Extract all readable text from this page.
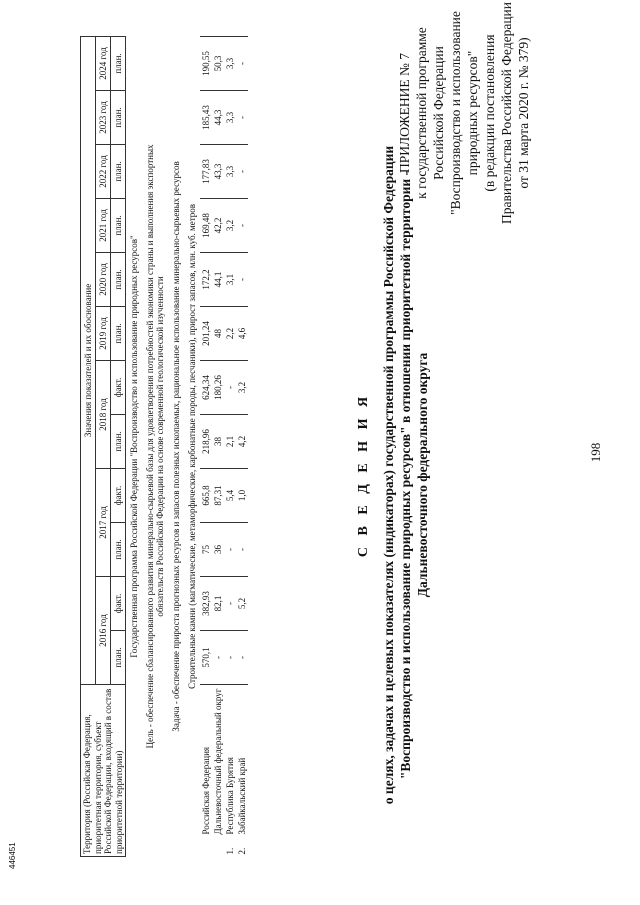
198
446451
ПРИЛОЖЕНИЕ № 7 к государственной программе Российской Федерации "Воспроизводство и использование природных ресурсов" (в редакции постановления Правительства Российской Федерации от 31 марта 2020 г. № 379)
С В Е Д Е Н И Я о целях, задачах и целевых показателях (индикаторах) государственной программы Российской Федерации "Воспроизводство и использование природных ресурсов" в отношении приоритетной территории - Дальневосточного федерального округа
Территория (Российская Федерация, приоритетная территория, субъект Российской Федерации, входящий в состав приоритетной территории)		Значения показателей и их обоснование											
		2016 год		2017 год		2018 год		2019 год	2020 год	2021 год	2022 год	2023 год	2024 год
		план.	факт.	план.	факт.	план.	факт.	план.	план.	план.	план.	план.	план.
Государственная программа Российской Федерации "Воспроизводство и использование природных ресурсов"													

Цель - обеспечение сбалансированного развития минерально-сырьевой базы для удовлетворения потребностей экономики страны и выполнения экспортных обязательств Российской Федерации на основе современной геологической изученности													

Задача - обеспечение прироста прогнозных ресурсов и запасов полезных ископаемых, рациональное использование минерально-сырьевых ресурсов													
Строительные камни (магматические, метаморфические, карбонатные породы, песчаники), прирост запасов, млн. куб. метров													
	Российская Федерация	570,1	382,93	75	665,8	218,96	624,34	201,24	172,2	169,48	177,83	185,43	190,55
	Дальневосточный федеральный округ	-	82,1	36	87,31	38	180,26	48	44,1	42,2	43,3	44,3	50,3
1.	Республика Бурятия	-	-	-	5,4	2,1	-	2,2	3,1	3,2	3,3	3,3	3,3
2.	Забайкальский край	-	5,2	-	1,0	4,2	3,2	4,6	-	-	-	-	-
